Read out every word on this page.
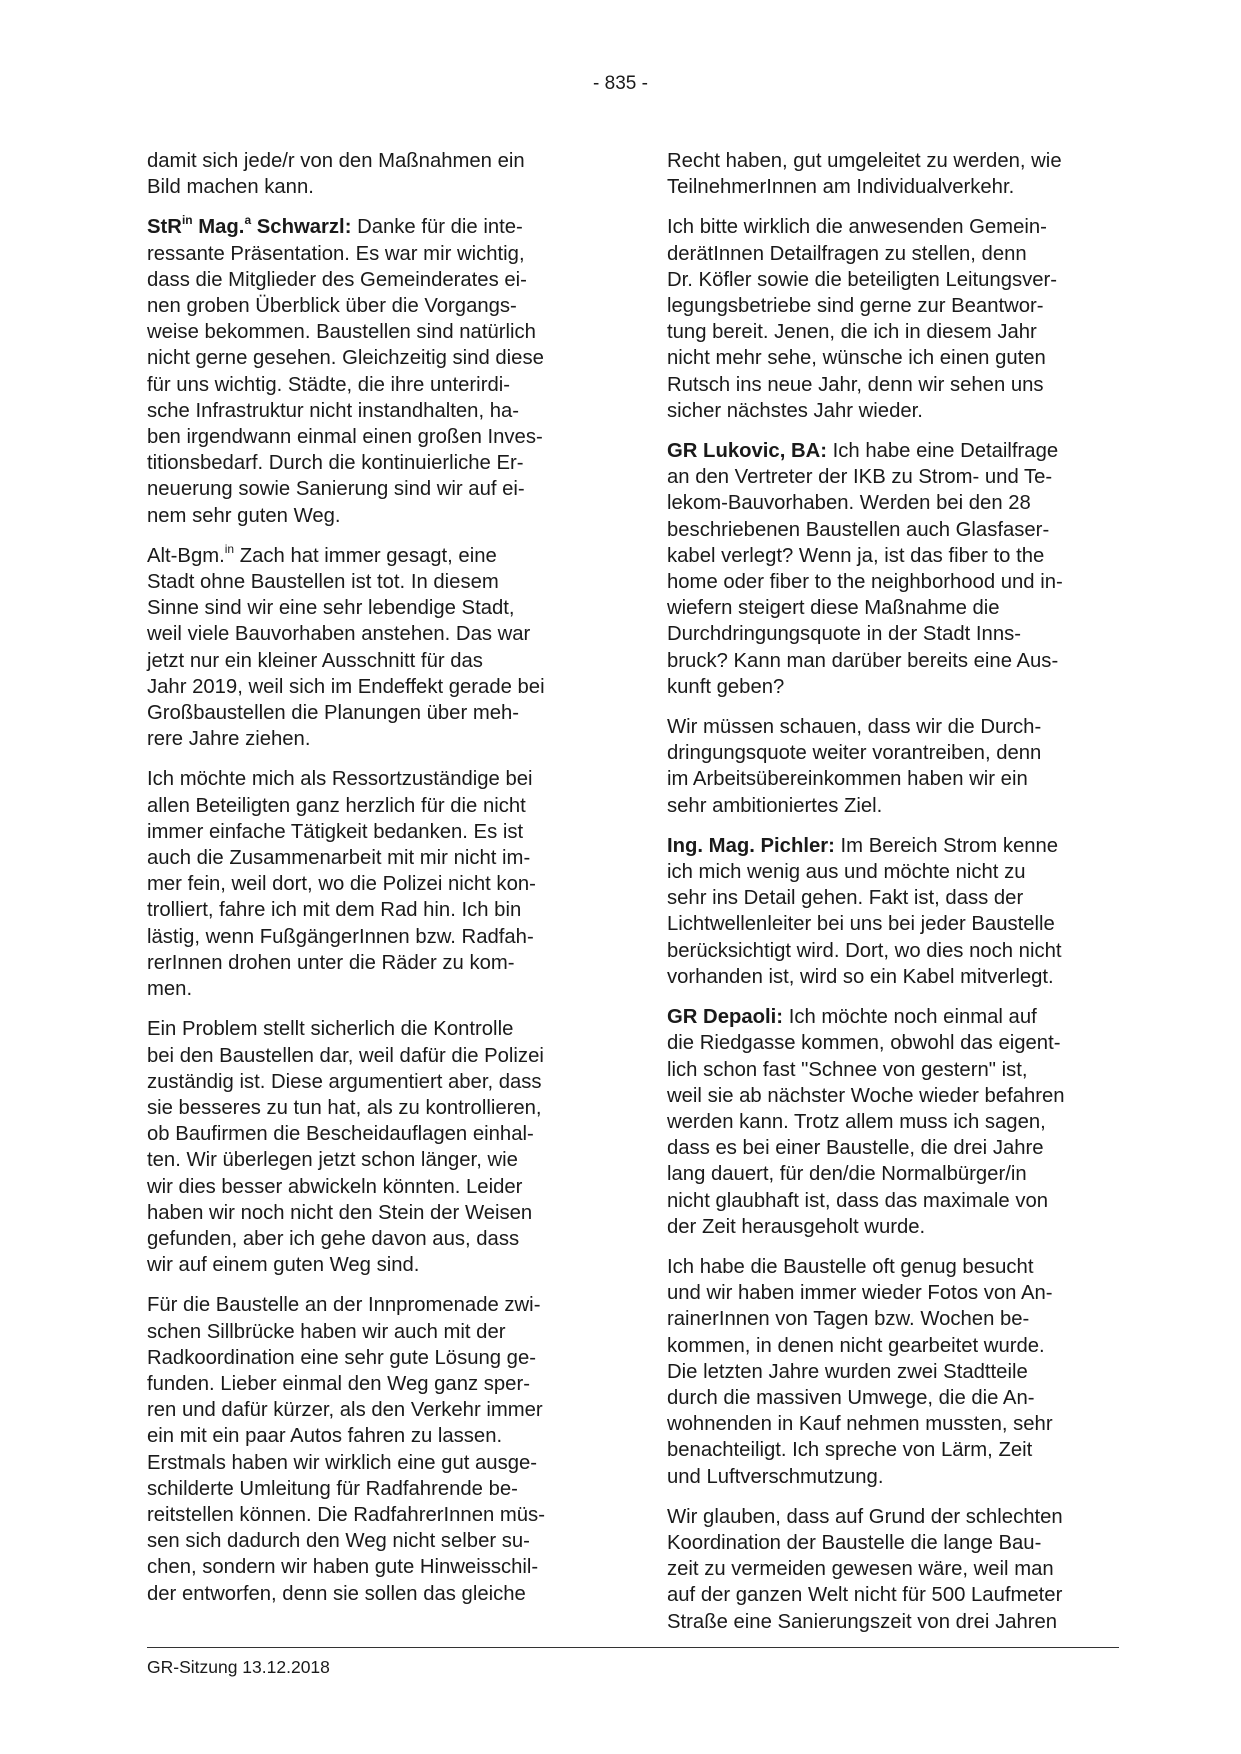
- 835 -

damit sich jede/r von den Maßnahmen ein
Bild machen kann.

StR$^{in}$ Mag.$^a$ Schwarzl: Danke für die inte-
ressante Präsentation. Es war mir wichtig,
dass die Mitglieder des Gemeinderates ei-
nen groben Überblick über die Vorgangs-
weise bekommen. Baustellen sind natürlich
nicht gerne gesehen. Gleichzeitig sind diese
für uns wichtig. Städte, die ihre unterirdi-
sche Infrastruktur nicht instandhalten, ha-
ben irgendwann einmal einen großen Inves-
titionsbedarf. Durch die kontinuierliche Er-
neuerung sowie Sanierung sind wir auf ei-
nem sehr guten Weg.

Alt-Bgm.$^{in}$ Zach hat immer gesagt, eine
Stadt ohne Baustellen ist tot. In diesem
Sinne sind wir eine sehr lebendige Stadt,
weil viele Bauvorhaben anstehen. Das war
jetzt nur ein kleiner Ausschnitt für das
Jahr 2019, weil sich im Endeffekt gerade bei
Großbaustellen die Planungen über meh-
rere Jahre ziehen.

Ich möchte mich als Ressortzuständige bei
allen Beteiligten ganz herzlich für die nicht
immer einfache Tätigkeit bedanken. Es ist
auch die Zusammenarbeit mit mir nicht im-
mer fein, weil dort, wo die Polizei nicht kon-
trolliert, fahre ich mit dem Rad hin. Ich bin
lästig, wenn FußgängerInnen bzw. Radfah-
rerInnen drohen unter die Räder zu kom-
men.

Ein Problem stellt sicherlich die Kontrolle
bei den Baustellen dar, weil dafür die Polizei
zuständig ist. Diese argumentiert aber, dass
sie besseres zu tun hat, als zu kontrollieren,
ob Baufirmen die Bescheidauflagen einhal-
ten. Wir überlegen jetzt schon länger, wie
wir dies besser abwickeln könnten. Leider
haben wir noch nicht den Stein der Weisen
gefunden, aber ich gehe davon aus, dass
wir auf einem guten Weg sind.

Für die Baustelle an der Innpromenade zwi-
schen Sillbrücke haben wir auch mit der
Radkoordination eine sehr gute Lösung ge-
funden. Lieber einmal den Weg ganz sper-
ren und dafür kürzer, als den Verkehr immer
ein mit ein paar Autos fahren zu lassen.
Erstmals haben wir wirklich eine gut ausge-
schilderte Umleitung für Radfahrende be-
reitstellen können. Die RadfahrerInnen müs-
sen sich dadurch den Weg nicht selber su-
chen, sondern wir haben gute Hinweisschil-
der entworfen, denn sie sollen das gleiche

Recht haben, gut umgeleitet zu werden, wie
TeilnehmerInnen am Individualverkehr.

Ich bitte wirklich die anwesenden Gemein-
derätInnen Detailfragen zu stellen, denn
Dr. Köfler sowie die beteiligten Leitungsver-
legungsbetriebe sind gerne zur Beantwor-
tung bereit. Jenen, die ich in diesem Jahr
nicht mehr sehe, wünsche ich einen guten
Rutsch ins neue Jahr, denn wir sehen uns
sicher nächstes Jahr wieder.

GR Lukovic, BA: Ich habe eine Detailfrage
an den Vertreter der IKB zu Strom- und Te-
lekom-Bauvorhaben. Werden bei den 28
beschriebenen Baustellen auch Glasfaser-
kabel verlegt? Wenn ja, ist das fiber to the
home oder fiber to the neighborhood und in-
wiefern steigert diese Maßnahme die
Durchdringungsquote in der Stadt Inns-
bruck? Kann man darüber bereits eine Aus-
kunft geben?

Wir müssen schauen, dass wir die Durch-
dringungsquote weiter vorantreiben, denn
im Arbeitsübereinkommen haben wir ein
sehr ambitioniertes Ziel.

Ing. Mag. Pichler: Im Bereich Strom kenne
ich mich wenig aus und möchte nicht zu
sehr ins Detail gehen. Fakt ist, dass der
Lichtwellenleiter bei uns bei jeder Baustelle
berücksichtigt wird. Dort, wo dies noch nicht
vorhanden ist, wird so ein Kabel mitverlegt.

GR Depaoli: Ich möchte noch einmal auf
die Riedgasse kommen, obwohl das eigent-
lich schon fast "Schnee von gestern" ist,
weil sie ab nächster Woche wieder befahren
werden kann. Trotz allem muss ich sagen,
dass es bei einer Baustelle, die drei Jahre
lang dauert, für den/die Normalbürger/in
nicht glaubhaft ist, dass das maximale von
der Zeit herausgeholt wurde.

Ich habe die Baustelle oft genug besucht
und wir haben immer wieder Fotos von An-
rainerInnen von Tagen bzw. Wochen be-
kommen, in denen nicht gearbeitet wurde.
Die letzten Jahre wurden zwei Stadtteile
durch die massiven Umwege, die die An-
wohnenden in Kauf nehmen mussten, sehr
benachteiligt. Ich spreche von Lärm, Zeit
und Luftverschmutzung.

Wir glauben, dass auf Grund der schlechten
Koordination der Baustelle die lange Bau-
zeit zu vermeiden gewesen wäre, weil man
auf der ganzen Welt nicht für 500 Laufmeter
Straße eine Sanierungszeit von drei Jahren

GR-Sitzung 13.12.2018
